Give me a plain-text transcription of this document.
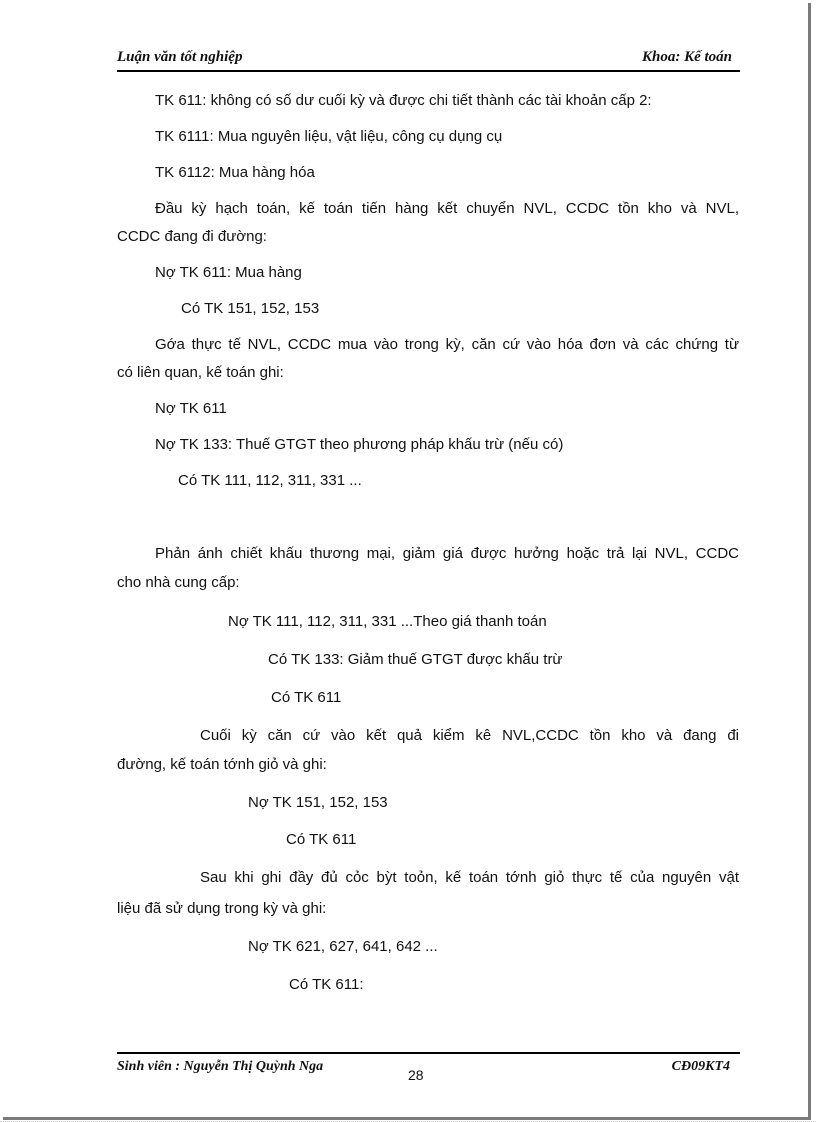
Luận văn tốt nghiệp	Khoa: Kế toán
TK 611: không có số dư cuối kỳ và được chi tiết thành các tài khoản cấp 2:
TK 6111: Mua nguyên liệu, vật liệu, công cụ dụng cụ
TK 6112: Mua hàng hóa
Đầu kỳ hạch toán, kế toán tiến hàng kết chuyển NVL, CCDC tồn kho và NVL,
CCDC đang đi đường:
Nợ TK 611: Mua hàng
Có TK 151, 152, 153
Gớa thực tế NVL, CCDC mua vào trong kỳ, căn cứ vào hóa đơn và các chứng từ
có liên quan, kế toán ghi:
Nợ TK 611
Nợ TK 133: Thuế GTGT theo phương pháp khấu trừ (nếu có)
Có TK 111, 112, 311, 331 ...
Phản ánh chiết khấu thương mại, giảm giá được hưởng hoặc trả lại NVL, CCDC
cho nhà cung cấp:
Nợ TK 111, 112, 311, 331 ...Theo giá thanh toán
Có TK 133: Giảm thuế GTGT được khấu trừ
Có TK 611
Cuối kỳ căn cứ vào kết quả kiểm kê NVL,CCDC tồn kho và đang đi
đường, kế toán tớnh giỏ và ghi:
Nợ TK 151, 152, 153
Có TK 611
Sau khi ghi đầy đủ cỏc bỳt toỏn, kế toán tớnh giỏ thực tế của nguyên vật
liệu đã sử dụng trong kỳ và ghi:
Nợ TK 621, 627, 641, 642 ...
Có TK 611:
Sinh viên : Nguyễn Thị Quỳnh Nga
28
CĐ09KT4
